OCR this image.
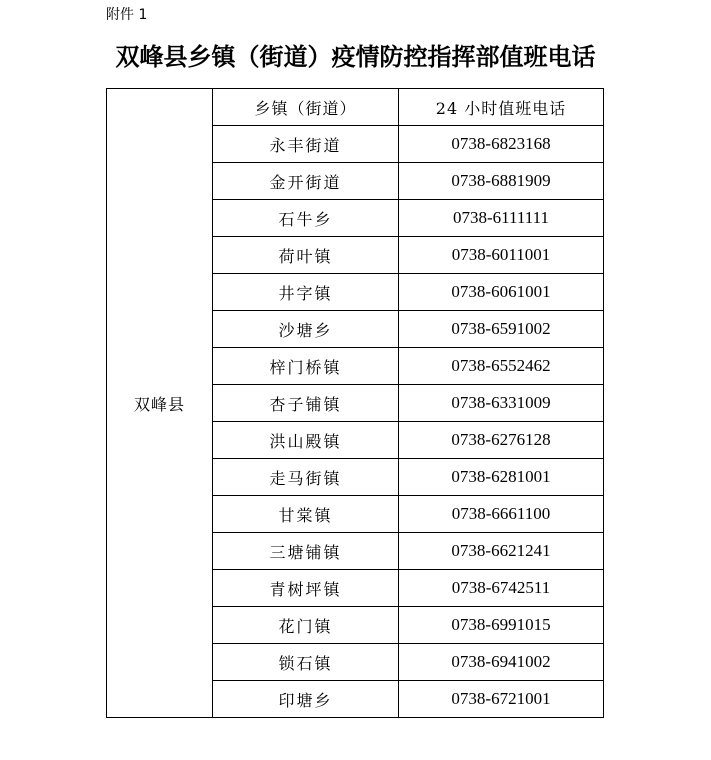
附件 1
双峰县乡镇（街道）疫情防控指挥部值班电话
双峰县	乡镇（街道）	24 小时值班电话
	永丰街道	0738-6823168
	金开街道	0738-6881909
	石牛乡	0738-6111111
	荷叶镇	0738-6011001
	井字镇	0738-6061001
	沙塘乡	0738-6591002
	梓门桥镇	0738-6552462
	杏子铺镇	0738-6331009
	洪山殿镇	0738-6276128
	走马街镇	0738-6281001
	甘棠镇	0738-6661100
	三塘铺镇	0738-6621241
	青树坪镇	0738-6742511
	花门镇	0738-6991015
	锁石镇	0738-6941002
	印塘乡	0738-6721001
